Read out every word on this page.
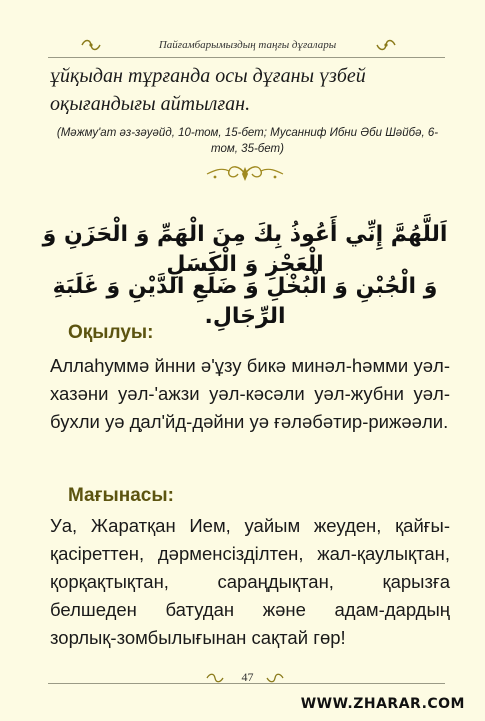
Пайғамбарымыздың таңғы дұғалары

ұйқыдан тұрғанда осы дұғаны үзбей оқығандығы айтылған.

(Мәжму'ат әз-зәуәйд, 10-том, 15-бет; Мусанниф Ибни Әби Шәйбә, 6-том, 35-бет)
اَللَّهُمَّ إِنِّي أَعُوذُ بِكَ مِنَ الْهَمِّ وَ الْحَزَنِ وَ الْعَجْزِ وَ الْكَسَلِ
وَ الْجُبْنِ وَ الْبُخْلِ وَ ضَلَعِ الدَّيْنِ وَ غَلَبَةِ الرِّجَالِ.
Оқылуы:

Аллаһуммә йнни ә'ұзу бикә минәл-һәмми уәл-хазәни уәл-'ажзи уәл-кәсәли уәл-жубни уәл-бухли уә д̧ал'йд-дәйни уә ғәләбәтир-рижәәли.

Мағынасы:

Уа, Жаратқан Ием, уайым жеуден, қайғы-қасіреттен, дәрменсізділтен, жал-қаулықтан, қорқақтықтан, сараңдықтан, қарызға белшеден батудан және адам-дардың зорлық-зомбылығынан сақтай гөр!

47
WWW.ZHARAR.COM
